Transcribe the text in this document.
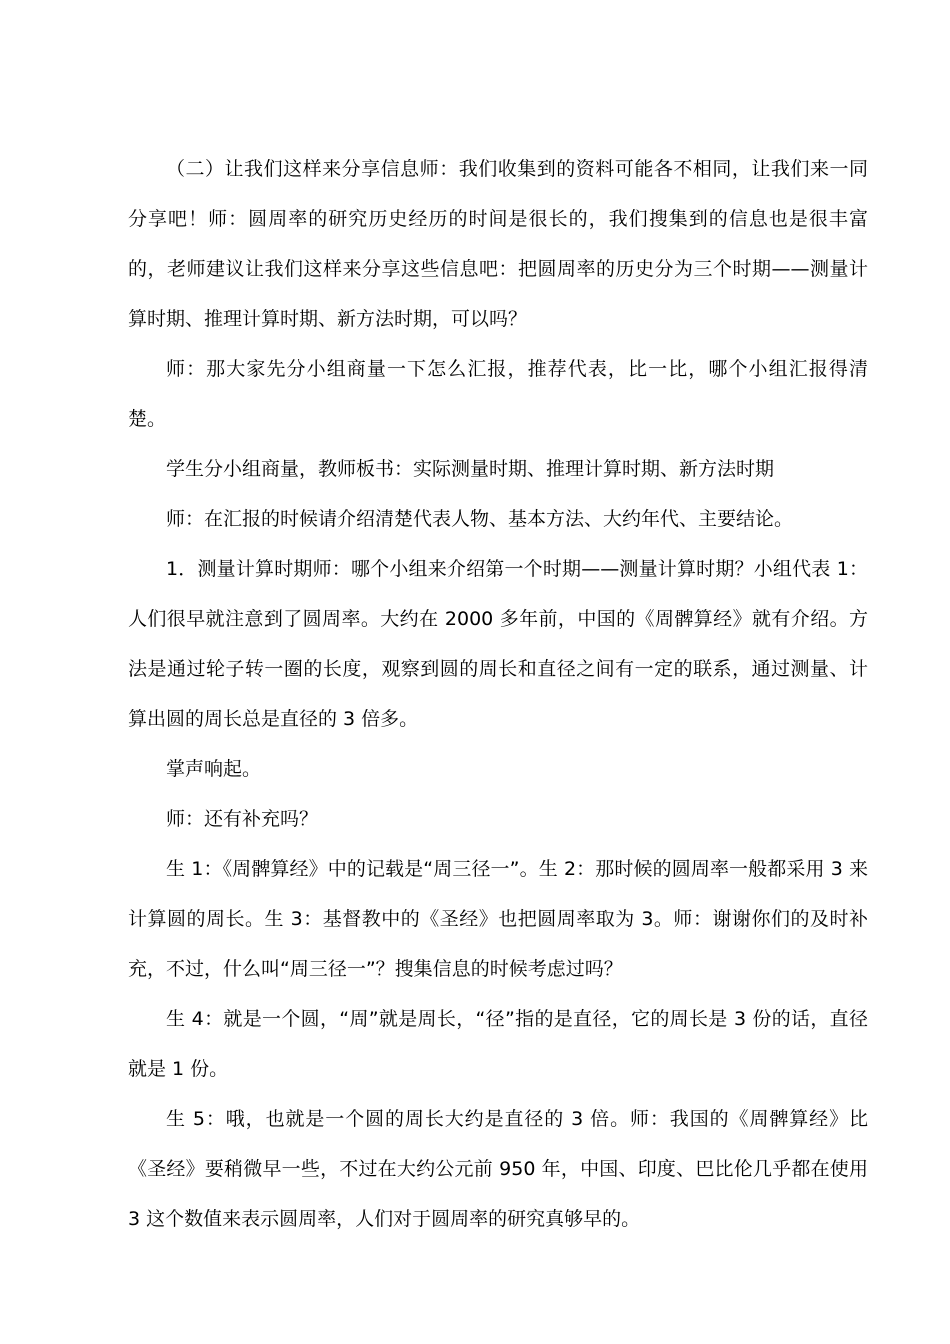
（二）让我们这样来分享信息师：我们收集到的资料可能各不相同，让我们来一同分享吧！师：圆周率的研究历史经历的时间是很长的，我们搜集到的信息也是很丰富的，老师建议让我们这样来分享这些信息吧：把圆周率的历史分为三个时期——测量计算时期、推理计算时期、新方法时期，可以吗？

师：那大家先分小组商量一下怎么汇报，推荐代表，比一比，哪个小组汇报得清楚。

学生分小组商量，教师板书：实际测量时期、推理计算时期、新方法时期

师：在汇报的时候请介绍清楚代表人物、基本方法、大约年代、主要结论。

1．测量计算时期师：哪个小组来介绍第一个时期——测量计算时期？小组代表 1：人们很早就注意到了圆周率。大约在 2000 多年前，中国的《周髀算经》就有介绍。方法是通过轮子转一圈的长度，观察到圆的周长和直径之间有一定的联系，通过测量、计算出圆的周长总是直径的 3 倍多。

掌声响起。

师：还有补充吗？

生 1：《周髀算经》中的记载是“周三径一”。生 2：那时候的圆周率一般都采用 3 来计算圆的周长。生 3：基督教中的《圣经》也把圆周率取为 3。师：谢谢你们的及时补充，不过，什么叫“周三径一”？搜集信息的时候考虑过吗？

生 4：就是一个圆，“周”就是周长，“径”指的是直径，它的周长是 3 份的话，直径就是 1 份。

生 5：哦，也就是一个圆的周长大约是直径的 3 倍。师：我国的《周髀算经》比《圣经》要稍微早一些，不过在大约公元前 950 年，中国、印度、巴比伦几乎都在使用 3 这个数值来表示圆周率，人们对于圆周率的研究真够早的。
